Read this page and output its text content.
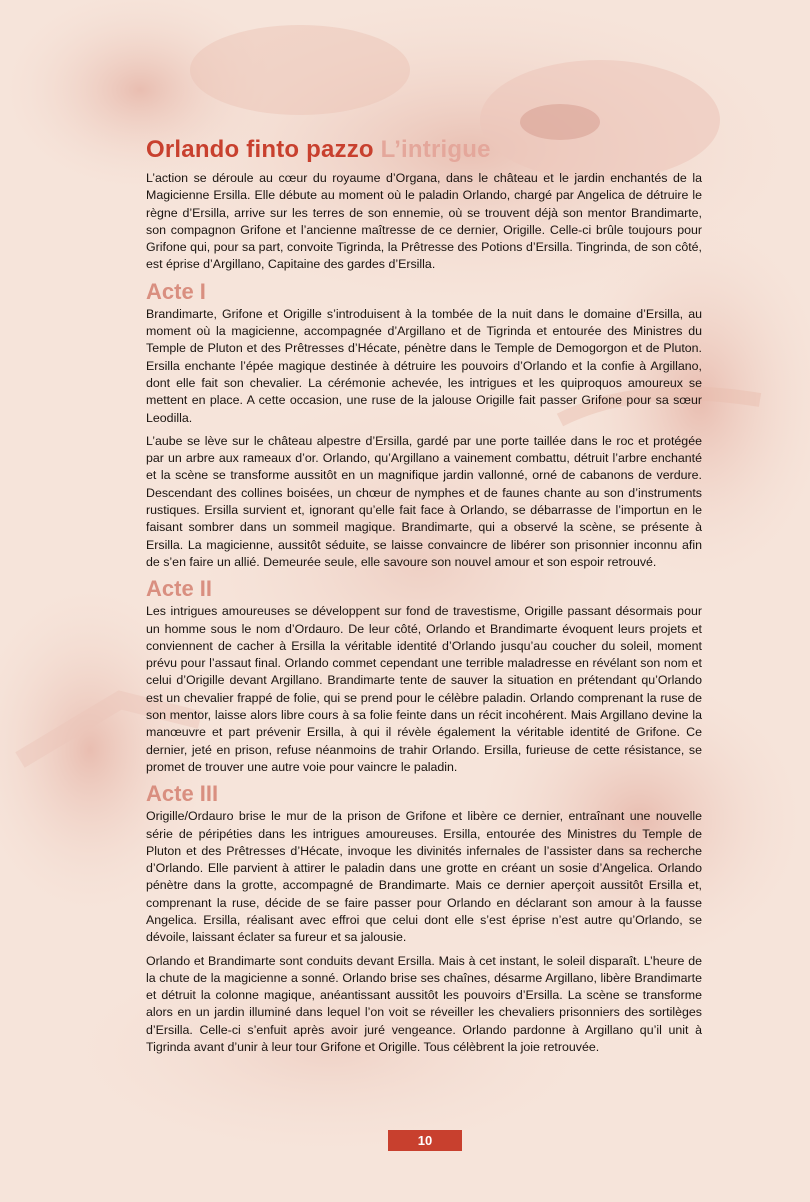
Orlando finto pazzo L’intrigue

L’action se déroule au cœur du royaume d’Organa, dans le château et le jardin enchantés de la Magicienne Ersilla. Elle débute au moment où le paladin Orlando, chargé par Angelica de détruire le règne d’Ersilla, arrive sur les terres de son ennemie, où se trouvent déjà son mentor Brandimarte, son compagnon Grifone et l’ancienne maîtresse de ce dernier, Origille. Celle-ci brûle toujours pour Grifone qui, pour sa part, convoite Tigrinda, la Prêtresse des Potions d’Ersilla. Tingrinda, de son côté, est éprise d’Argillano, Capitaine des gardes d’Ersilla.

Acte I

Brandimarte, Grifone et Origille s’introduisent à la tombée de la nuit dans le domaine d’Ersilla, au moment où la magicienne, accompagnée d’Argillano et de Tigrinda et entourée des Ministres du Temple de Pluton et des Prêtresses d’Hécate, pénètre dans le Temple de Demogorgon et de Pluton. Ersilla enchante l’épée magique destinée à détruire les pouvoirs d’Orlando et la confie à Argillano, dont elle fait son chevalier. La cérémonie achevée, les intrigues et les quiproquos amoureux se mettent en place. A cette occasion, une ruse de la jalouse Origille fait passer Grifone pour sa sœur Leodilla.

L’aube se lève sur le château alpestre d’Ersilla, gardé par une porte taillée dans le roc et protégée par un arbre aux rameaux d’or. Orlando, qu’Argillano a vainement combattu, détruit l’arbre enchanté et la scène se transforme aussitôt en un magnifique jardin vallonné, orné de cabanons de verdure. Descendant des collines boisées, un chœur de nymphes et de faunes chante au son d’instruments rustiques. Ersilla survient et, ignorant qu’elle fait face à Orlando, se débarrasse de l’importun en le faisant sombrer dans un sommeil magique. Brandimarte, qui a observé la scène, se présente à Ersilla. La magicienne, aussitôt séduite, se laisse convaincre de libérer son prisonnier inconnu afin de s’en faire un allié. Demeurée seule, elle savoure son nouvel amour et son espoir retrouvé.

Acte II

Les intrigues amoureuses se développent sur fond de travestisme, Origille passant désormais pour un homme sous le nom d’Ordauro. De leur côté, Orlando et Brandimarte évoquent leurs projets et conviennent de cacher à Ersilla la véritable identité d’Orlando jusqu’au coucher du soleil, moment prévu pour l’assaut final. Orlando commet cependant une terrible maladresse en révélant son nom et celui d’Origille devant Argillano. Brandimarte tente de sauver la situation en prétendant qu’Orlando est un chevalier frappé de folie, qui se prend pour le célèbre paladin. Orlando comprenant la ruse de son mentor, laisse alors libre cours à sa folie feinte dans un récit incohérent. Mais Argillano devine la manœuvre et part prévenir Ersilla, à qui il révèle également la véritable identité de Grifone. Ce dernier, jeté en prison, refuse néanmoins de trahir Orlando. Ersilla, furieuse de cette résistance, se promet de trouver une autre voie pour vaincre le paladin.

Acte III

Origille/Ordauro brise le mur de la prison de Grifone et libère ce dernier, entraînant une nouvelle série de péripéties dans les intrigues amoureuses. Ersilla, entourée des Ministres du Temple de Pluton et des Prêtresses d’Hécate, invoque les divinités infernales de l’assister dans sa recherche d’Orlando. Elle parvient à attirer le paladin dans une grotte en créant un sosie d’Angelica. Orlando pénètre dans la grotte, accompagné de Brandimarte. Mais ce dernier aperçoit aussitôt Ersilla et, comprenant la ruse, décide de se faire passer pour Orlando en déclarant son amour à la fausse Angelica. Ersilla, réalisant avec effroi que celui dont elle s’est éprise n’est autre qu’Orlando, se dévoile, laissant éclater sa fureur et sa jalousie.

Orlando et Brandimarte sont conduits devant Ersilla. Mais à cet instant, le soleil disparaît. L’heure de la chute de la magicienne a sonné. Orlando brise ses chaînes, désarme Argillano, libère Brandimarte et détruit la colonne magique, anéantissant aussitôt les pouvoirs d’Ersilla. La scène se transforme alors en un jardin illuminé dans lequel l’on voit se réveiller les chevaliers prisonniers des sortilèges d’Ersilla. Celle-ci s’enfuit après avoir juré vengeance. Orlando pardonne à Argillano qu’il unit à Tigrinda avant d’unir à leur tour Grifone et Origille. Tous célèbrent la joie retrouvée.

10
